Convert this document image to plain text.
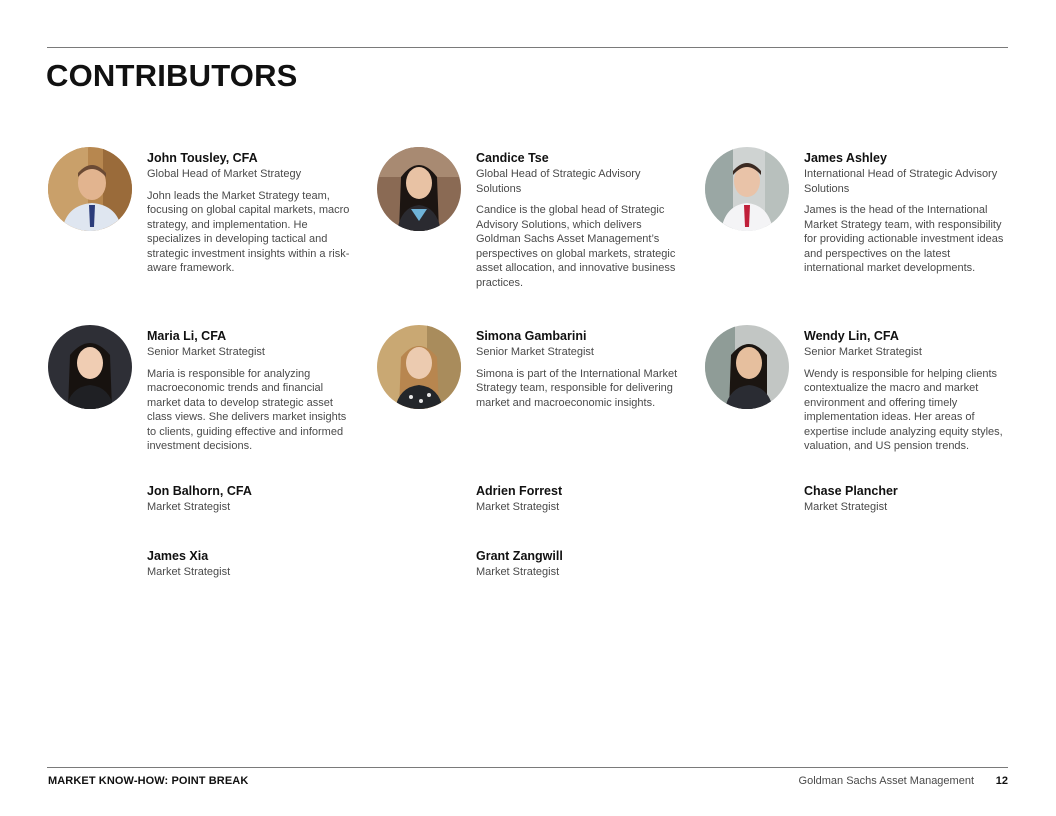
CONTRIBUTORS
John Tousley, CFA
Global Head of Market Strategy
John leads the Market Strategy team, focusing on global capital markets, macro strategy, and implementation. He specializes in developing tactical and strategic investment insights within a risk-aware framework.
Candice Tse
Global Head of Strategic Advisory Solutions
Candice is the global head of Strategic Advisory Solutions, which delivers Goldman Sachs Asset Management’s perspectives on global markets, strategic asset allocation, and innovative business practices.
James Ashley
International Head of Strategic Advisory Solutions
James is the head of the International Market Strategy team, with responsibility for providing actionable investment ideas and perspectives on the latest international market developments.
Maria Li, CFA
Senior Market Strategist
Maria is responsible for analyzing macroeconomic trends and financial market data to develop strategic asset class views. She delivers market insights to clients, guiding effective and informed investment decisions.
Simona Gambarini
Senior Market Strategist
Simona is part of the International Market Strategy team, responsible for delivering market and macroeconomic insights.
Wendy Lin, CFA
Senior Market Strategist
Wendy is responsible for helping clients contextualize the macro and market environment and offering timely implementation ideas. Her areas of expertise include analyzing equity styles, valuation, and US pension trends.
Jon Balhorn, CFA
Market Strategist
Adrien Forrest
Market Strategist
Chase Plancher
Market Strategist
James Xia
Market Strategist
Grant Zangwill
Market Strategist
MARKET KNOW-HOW: POINT BREAK	Goldman Sachs Asset Management 12
